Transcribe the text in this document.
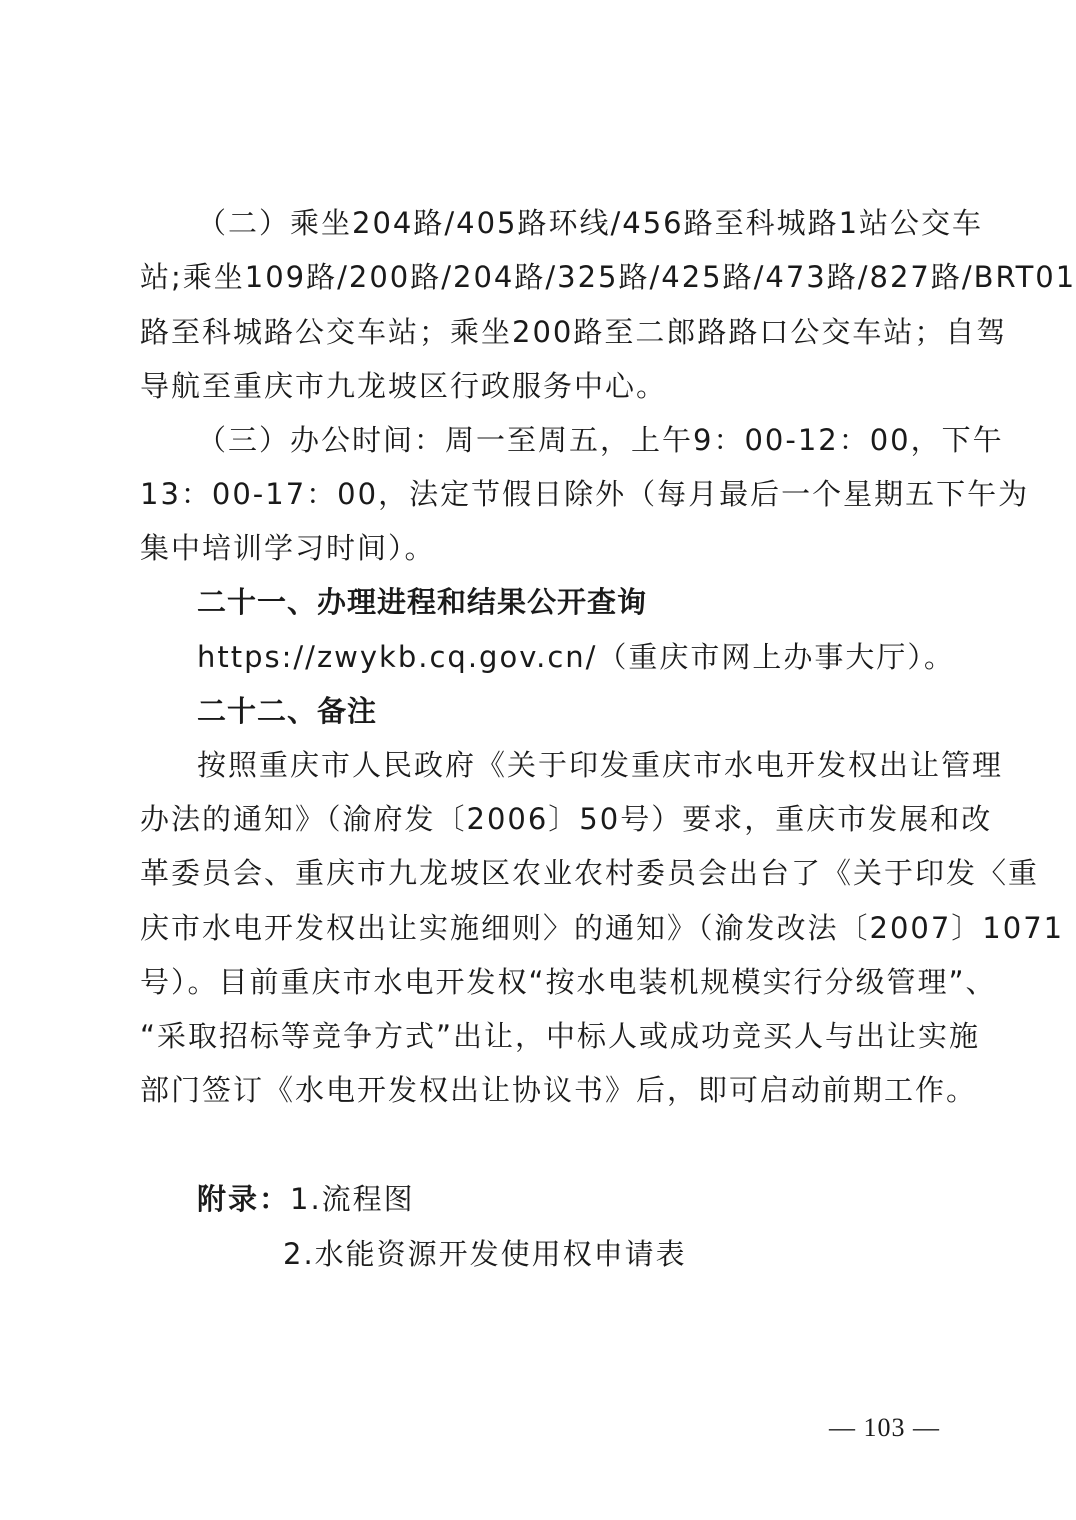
（二）乘坐204路/405路环线/456路至科城路1站公交车
站;乘坐109路/200路/204路/325路/425路/473路/827路/BRT01
路至科城路公交车站；乘坐200路至二郎路路口公交车站；自驾
导航至重庆市九龙坡区行政服务中心。
（三）办公时间：周一至周五，上午9：00-12：00，下午
13：00-17：00，法定节假日除外（每月最后一个星期五下午为
集中培训学习时间）。
二十一、办理进程和结果公开查询
https://zwykb.cq.gov.cn/（重庆市网上办事大厅）。
二十二、备注
按照重庆市人民政府《关于印发重庆市水电开发权出让管理
办法的通知》（渝府发〔2006〕50号）要求，重庆市发展和改
革委员会、重庆市九龙坡区农业农村委员会出台了《关于印发〈重
庆市水电开发权出让实施细则〉的通知》（渝发改法〔2007〕1071
号）。目前重庆市水电开发权“按水电装机规模实行分级管理”、
“采取招标等竞争方式”出让，中标人或成功竞买人与出让实施
部门签订《水电开发权出让协议书》后，即可启动前期工作。
附录：1.流程图
2.水能资源开发使用权申请表
— 103 —
